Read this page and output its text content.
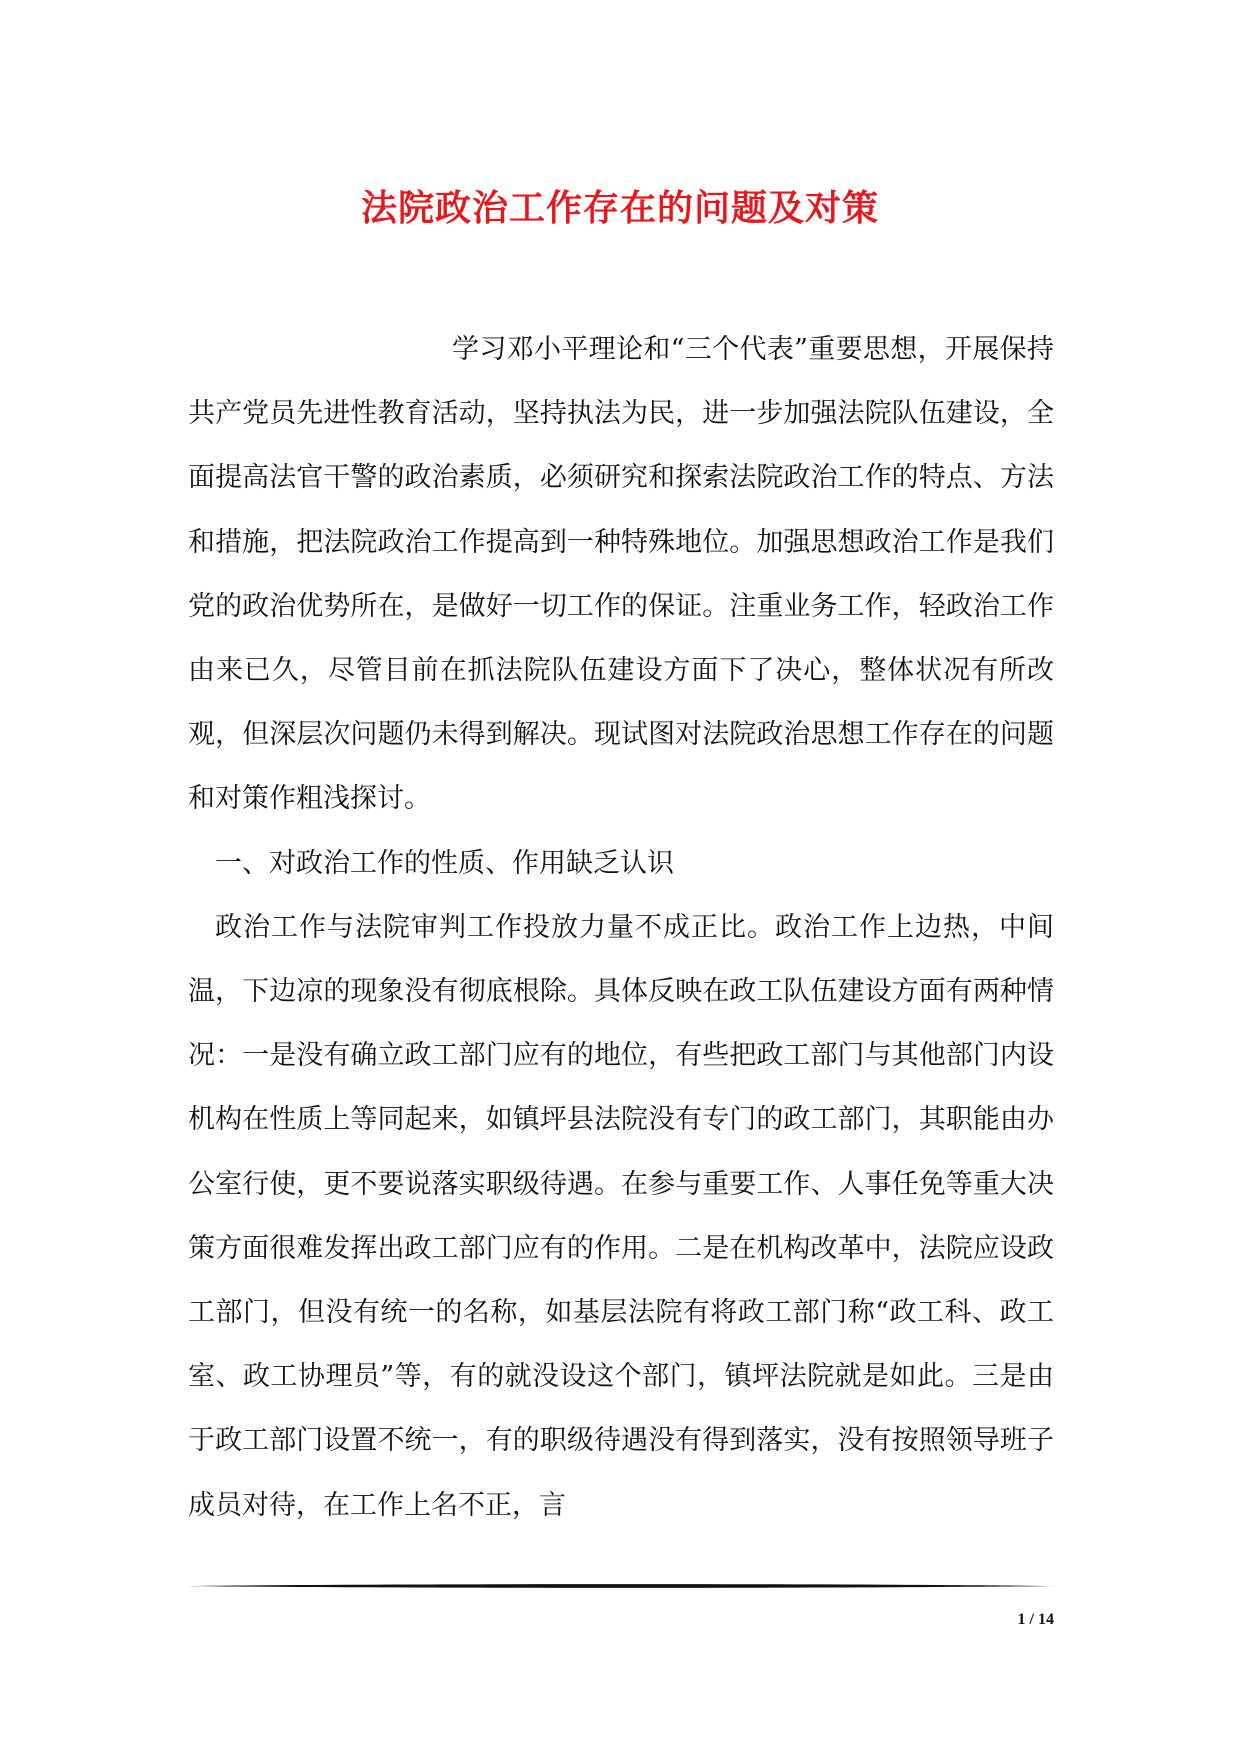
法院政治工作存在的问题及对策

学习邓小平理论和“三个代表”重要思想，开展保持共产党员先进性教育活动，坚持执法为民，进一步加强法院队伍建设，全面提高法官干警的政治素质，必须研究和探索法院政治工作的特点、方法和措施，把法院政治工作提高到一种特殊地位。加强思想政治工作是我们党的政治优势所在，是做好一切工作的保证。注重业务工作，轻政治工作由来已久，尽管目前在抓法院队伍建设方面下了决心，整体状况有所改观，但深层次问题仍未得到解决。现试图对法院政治思想工作存在的问题和对策作粗浅探讨。

一、对政治工作的性质、作用缺乏认识

政治工作与法院审判工作投放力量不成正比。政治工作上边热，中间温，下边凉的现象没有彻底根除。具体反映在政工队伍建设方面有两种情况：一是没有确立政工部门应有的地位，有些把政工部门与其他部门内设机构在性质上等同起来，如镇坪县法院没有专门的政工部门，其职能由办公室行使，更不要说落实职级待遇。在参与重要工作、人事任免等重大决策方面很难发挥出政工部门应有的作用。二是在机构改革中，法院应设政工部门，但没有统一的名称，如基层法院有将政工部门称“政工科、政工室、政工协理员”等，有的就没设这个部门，镇坪法院就是如此。三是由于政工部门设置不统一，有的职级待遇没有得到落实，没有按照领导班子成员对待，在工作上名不正，言

1 / 14
